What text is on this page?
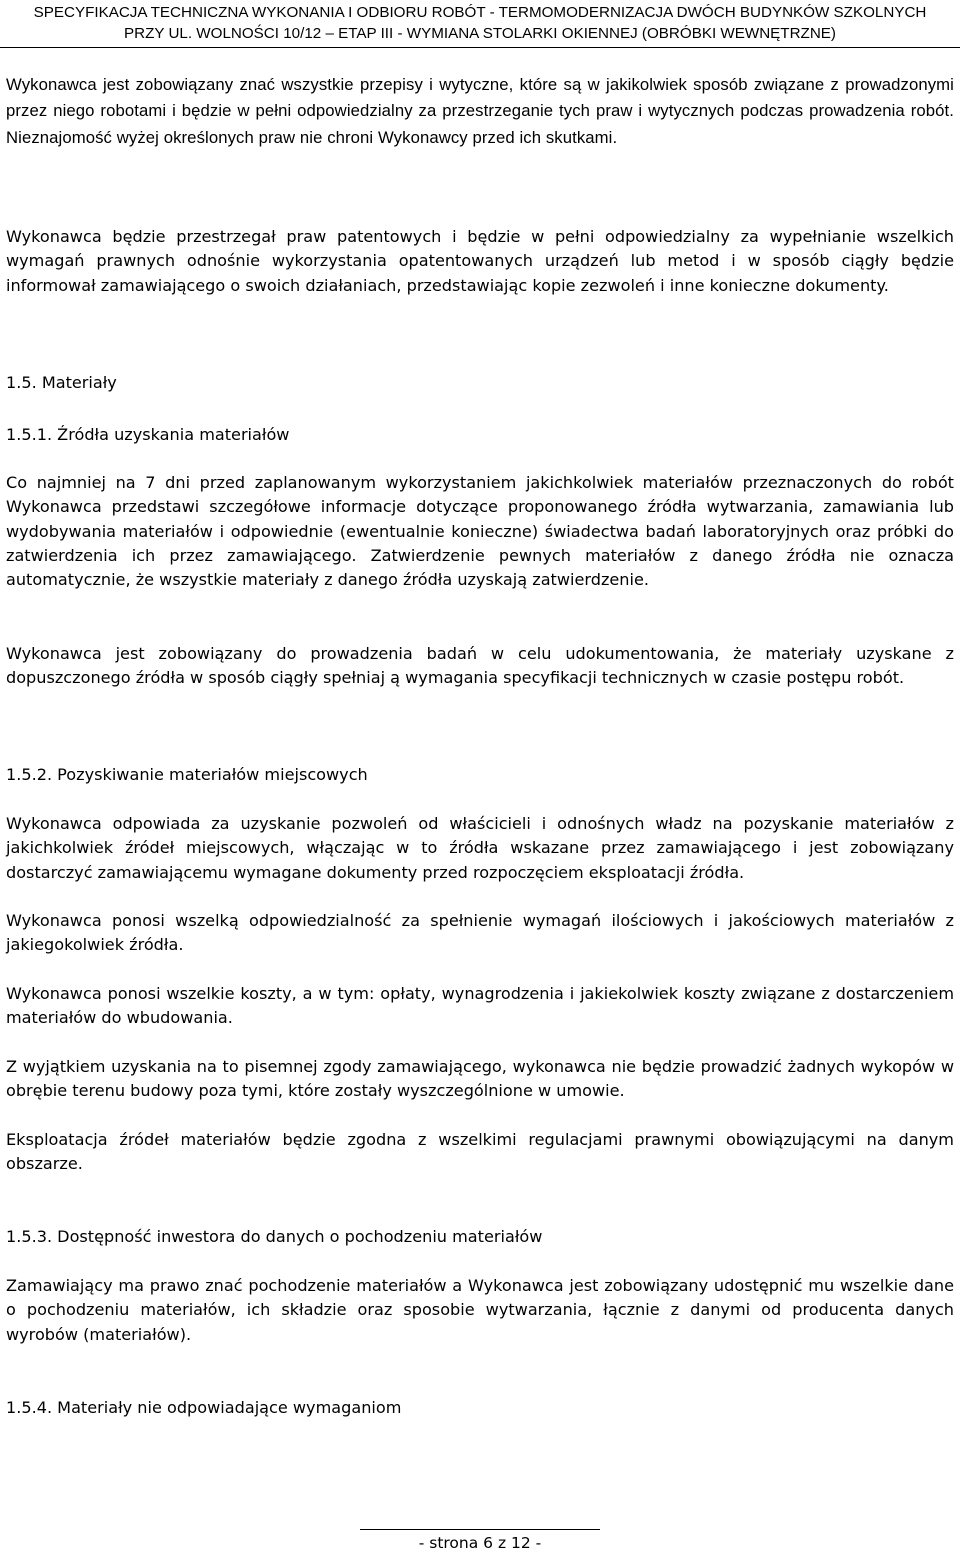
SPECYFIKACJA TECHNICZNA WYKONANIA I ODBIORU ROBÓT - TERMOMODERNIZACJA DWÓCH BUDYNKÓW SZKOLNYCH
PRZY UL. WOLNOŚCI 10/12 – ETAP III - WYMIANA STOLARKI OKIENNEJ (OBRÓBKI WEWNĘTRZNE)

Wykonawca jest zobowiązany znać wszystkie przepisy i wytyczne, które są w jakikolwiek sposób związane z prowadzonymi przez niego robotami i będzie w pełni odpowiedzialny za przestrzeganie tych praw i wytycznych podczas prowadzenia robót. Nieznajomość wyżej określonych praw nie chroni Wykonawcy przed ich skutkami.

Wykonawca będzie przestrzegał praw patentowych i będzie w pełni odpowiedzialny za wypełnianie wszelkich wymagań prawnych odnośnie wykorzystania opatentowanych urządzeń lub metod i w sposób ciągły będzie informował zamawiającego o swoich działaniach, przedstawiając kopie zezwoleń i inne konieczne dokumenty.

1.5. Materiały

1.5.1. Źródła uzyskania materiałów

Co najmniej na 7 dni przed zaplanowanym wykorzystaniem jakichkolwiek materiałów przeznaczonych do robót Wykonawca przedstawi szczegółowe informacje dotyczące proponowanego źródła wytwarzania, zamawiania lub wydobywania materiałów i odpowiednie (ewentualnie konieczne) świadectwa badań laboratoryjnych oraz próbki do zatwierdzenia ich przez zamawiającego. Zatwierdzenie pewnych materiałów z danego źródła nie oznacza automatycznie, że wszystkie materiały z danego źródła uzyskają zatwierdzenie.

Wykonawca jest zobowiązany do prowadzenia badań w celu udokumentowania, że materiały uzyskane z dopuszczonego źródła w sposób ciągły spełniaj ą wymagania specyfikacji technicznych w czasie postępu robót.

1.5.2. Pozyskiwanie materiałów miejscowych

Wykonawca odpowiada za uzyskanie pozwoleń od właścicieli i odnośnych władz na pozyskanie materiałów z jakichkolwiek źródeł miejscowych, włączając w to źródła wskazane przez zamawiającego i jest zobowiązany dostarczyć zamawiającemu wymagane dokumenty przed rozpoczęciem eksploatacji źródła.

Wykonawca ponosi wszelką odpowiedzialność za spełnienie wymagań ilościowych i jakościowych materiałów z jakiegokolwiek źródła.

Wykonawca ponosi wszelkie koszty, a w tym: opłaty, wynagrodzenia i jakiekolwiek koszty związane z dostarczeniem materiałów do wbudowania.

Z wyjątkiem uzyskania na to pisemnej zgody zamawiającego, wykonawca nie będzie prowadzić żadnych wykopów w obrębie terenu budowy poza tymi, które zostały wyszczególnione w umowie.

Eksploatacja źródeł materiałów będzie zgodna z wszelkimi regulacjami prawnymi obowiązującymi na danym obszarze.

1.5.3. Dostępność inwestora do danych o pochodzeniu materiałów

Zamawiający ma prawo znać pochodzenie materiałów a Wykonawca jest zobowiązany udostępnić mu wszelkie dane o pochodzeniu materiałów, ich składzie oraz sposobie wytwarzania, łącznie z danymi od producenta danych wyrobów (materiałów).

1.5.4. Materiały nie odpowiadające wymaganiom

- strona 6 z 12 -
